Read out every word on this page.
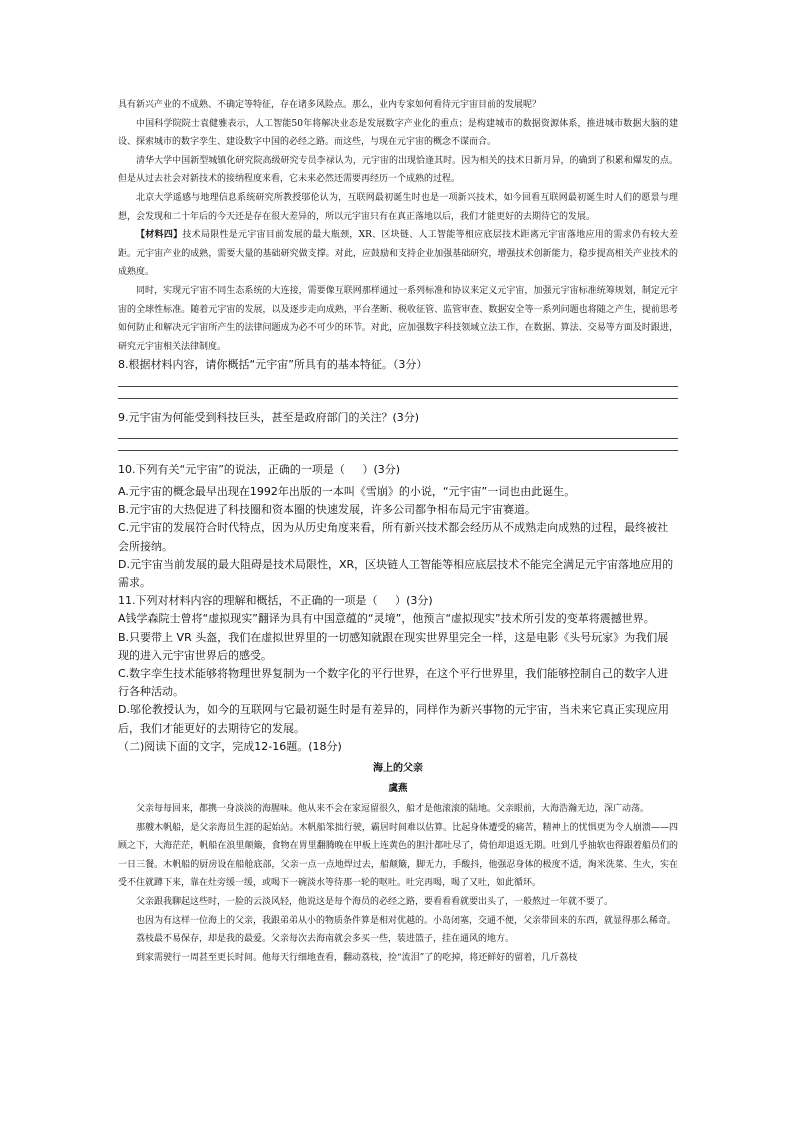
具有新兴产业的不成熟、不确定等特征，存在诸多风险点。那么，业内专家如何看待元宇宙目前的发展呢？

中国科学院院士袁健雅表示，人工智能50年将解决业态是发展数字产业化的重点；是构建城市的数据资源体系，推进城市数据大脑的建设、探索城市的数字孪生、建设数字中国的必经之路。而这些，与现在元宇宙的概念不谋而合。

清华大学中国新型城镇化研究院高级研究专员李禄认为，元宇宙的出现恰逢其时。因为相关的技术日新月异，的确到了积累和爆发的点。但是从过去社会对新技术的接纳程度来看，它未来必然还需要再经历一个成熟的过程。

北京大学遥感与地理信息系统研究所教授邬伦认为，互联网最初诞生时也是一项新兴技术，如今回看互联网最初诞生时人们的愿景与理想，会发现和二十年后的今天还是存在很大差异的，所以元宇宙只有在真正落地以后，我们才能更好的去期待它的发展。

【材料四】技术局限性是元宇宙目前发展的最大瓶颈，XR、区块链、人工智能等相应底层技术距离元宇宙落地应用的需求仍有较大差距。元宇宙产业的成熟，需要大量的基础研究做支撑。对此，应鼓励和支持企业加强基础研究，增强技术创新能力，稳步提高相关产业技术的成熟度。

同时，实现元宇宙不同生态系统的大连接，需要像互联网那样通过一系列标准和协议来定义元宇宙，加强元宇宙标准统筹规划，制定元宇宙的全球性标准。随着元宇宙的发展，以及逐步走向成熟，平台垄断、税收征管、监管审查、数据安全等一系列问题也将随之产生，提前思考如何防止和解决元宇宙所产生的法律问题成为必不可少的环节。对此，应加强数字科技领域立法工作，在数据、算法、交易等方面及时跟进，研究元宇宙相关法律制度。

8.根据材料内容，请你概括“元宇宙”所具有的基本特征。（3分）

9.元宇宙为何能受到科技巨头，甚至是政府部门的关注？(3分)

10.下列有关“元宇宙”的说法，正确的一项是（ ）(3分)

A.元宇宙的概念最早出现在1992年出版的一本叫《雪崩》的小说，“元宇宙”一词也由此诞生。

B.元宇宙的大热促进了科技圈和资本圈的快速发展，许多公司都争相布局元宇宙赛道。

C.元宇宙的发展符合时代特点，因为从历史角度来看，所有新兴技术都会经历从不成熟走向成熟的过程，最终被社会所接纳。

D.元宇宙当前发展的最大阻碍是技术局限性，XR，区块链人工智能等相应底层技术不能完全满足元宇宙落地应用的需求。

11.下列对材料内容的理解和概括，不正确的一项是（ ）(3分)

A钱学森院士曾将“虚拟现实”翻译为具有中国意蕴的“灵境”，他预言“虚拟现实”技术所引发的变革将震撼世界。

B.只要带上 VR 头盔，我们在虚拟世界里的一切感知就跟在现实世界里完全一样，这是电影《头号玩家》为我们展现的进入元宇宙世界后的感受。

C.数字孪生技术能够将物理世界复制为一个数字化的平行世界，在这个平行世界里，我们能够控制自己的数字人进行各种活动。

D.邬伦教授认为，如今的互联网与它最初诞生时是有差异的，同样作为新兴事物的元宇宙，当未来它真正实现应用后，我们才能更好的去期待它的发展。

（二)阅读下面的文字，完成12-16题。(18分)

海上的父亲

虞燕

父亲每每回来，都携一身淡淡的海腥味。他从来不会在家逗留很久，船才是他滚滚的陆地。父亲眼前，大海浩瀚无边，深广动荡。

那艘木帆船，是父亲海员生涯的起始站。木帆船笨拙行驶，霸居时间难以估算。比起身体遭受的痛苦，精神上的忧惧更为令人崩溃——四顾之下，大海茫茫，帆船在浪里颠簸，食物在胃里翻腾晚在甲板上连黄色的胆汁都吐尽了，倚伯却退返无期。吐到几乎抽软也得跟着船员们的一日三餐。木帆船的厨房设在船舱底部，父亲一点一点地焊过去，船颠簸，脚无力，手酸抖，他强忍身体的极度不适，淘米洗菜、生火，实在受不住就蹲下来，靠在灶旁缓一缓，或喝下一碗淡水等待那一轮的呕吐。吐完再喝，喝了又吐，如此循环。

父亲跟我聊起这些时，一脸的云淡风轻，他说这是每个海员的必经之路，要看看看就要出头了，一般熬过一年就不要了。

也因为有这样一位海上的父亲，我跟弟弟从小的物质条件算是相对优越的。小岛闭塞，交通不便，父亲带回来的东西，就显得那么稀奇。

荔枝最不易保存，却是我的最爱。父亲每次去海南就会多买一些，装进篮子，挂在通风的地方。

到家需驶行一周甚至更长时间。他每天行细地查看，翻动荔枝，捡“流泪”了的吃掉，将还鲜好的留着，几斤荔枝
